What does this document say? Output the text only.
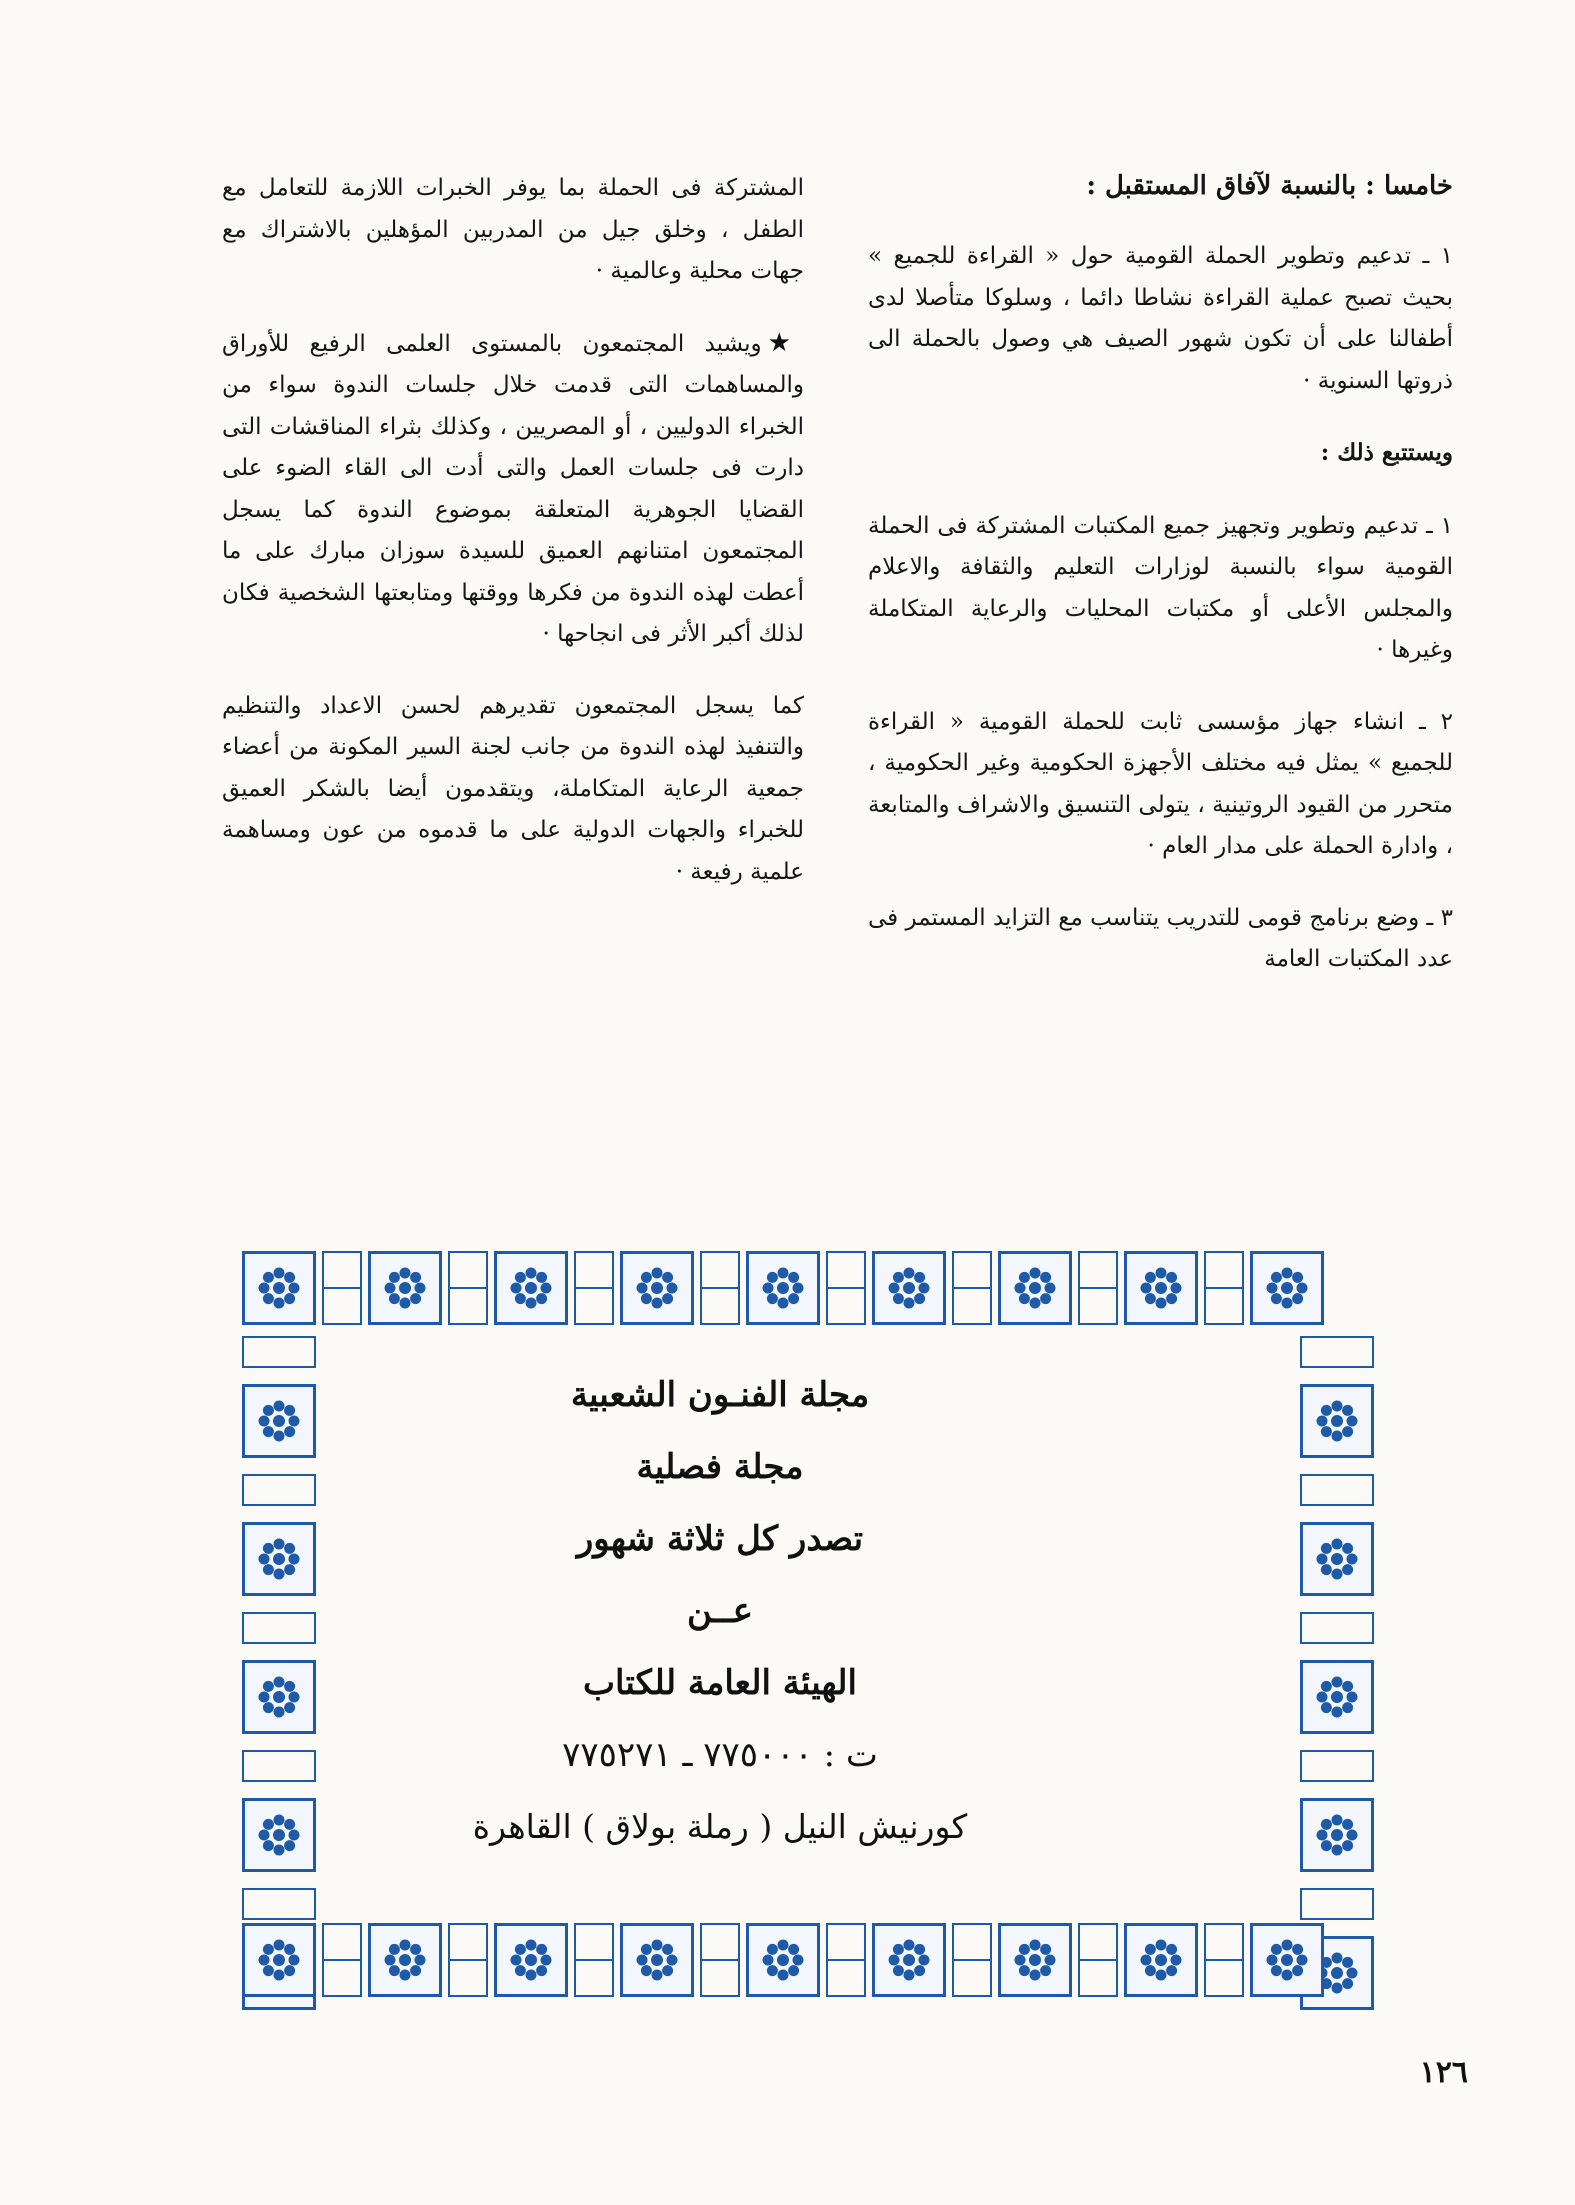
خامسا : بالنسبة لآفاق المستقبل :

١ ـ تدعيم وتطوير الحملة القومية حول « القراءة للجميع » بحيث تصبح عملية القراءة نشاطا دائما ، وسلوكا متأصلا لدى أطفالنا على أن تكون شهور الصيف هي وصول بالحملة الى ذروتها السنوية ·

ويستتبع ذلك :

١ ـ تدعيم وتطوير وتجهيز جميع المكتبات المشتركة فى الحملة القومية سواء بالنسبة لوزارات التعليم والثقافة والاعلام والمجلس الأعلى أو مكتبات المحليات والرعاية المتكاملة وغيرها ·

٢ ـ انشاء جهاز مؤسسى ثابت للحملة القومية « القراءة للجميع » يمثل فيه مختلف الأجهزة الحكومية وغير الحكومية ، متحرر من القيود الروتينية ، يتولى التنسيق والاشراف والمتابعة ، وادارة الحملة على مدار العام ·

٣ ـ وضع برنامج قومى للتدريب يتناسب مع التزايد المستمر فى عدد المكتبات العامة

المشتركة فى الحملة بما يوفر الخبرات اللازمة للتعامل مع الطفل ، وخلق جيل من المدربين المؤهلين بالاشتراك مع جهات محلية وعالمية ·

★ويشيد المجتمعون بالمستوى العلمى الرفيع للأوراق والمساهمات التى قدمت خلال جلسات الندوة سواء من الخبراء الدوليين ، أو المصريين ، وكذلك بثراء المناقشات التى دارت فى جلسات العمل والتى أدت الى القاء الضوء على القضايا الجوهرية المتعلقة بموضوع الندوة كما يسجل المجتمعون امتنانهم العميق للسيدة سوزان مبارك على ما أعطت لهذه الندوة من فكرها ووقتها ومتابعتها الشخصية فكان لذلك أكبر الأثر فى انجاحها ·

كما يسجل المجتمعون تقديرهم لحسن الاعداد والتنظيم والتنفيذ لهذه الندوة من جانب لجنة السير المكونة من أعضاء جمعية الرعاية المتكاملة، ويتقدمون أيضا بالشكر العميق للخبراء والجهات الدولية على ما قدموه من عون ومساهمة علمية رفيعة ·

مجلة الفنـون الشعبية
مجلة فصلية
تصدر كل ثلاثة شهور
عــن
الهيئة العامة للكتاب
ت : ٧٧٥٠٠٠ ـ ٧٧٥٢٧١
كورنيش النيل ( رملة بولاق ) القاهرة
١٢٦
